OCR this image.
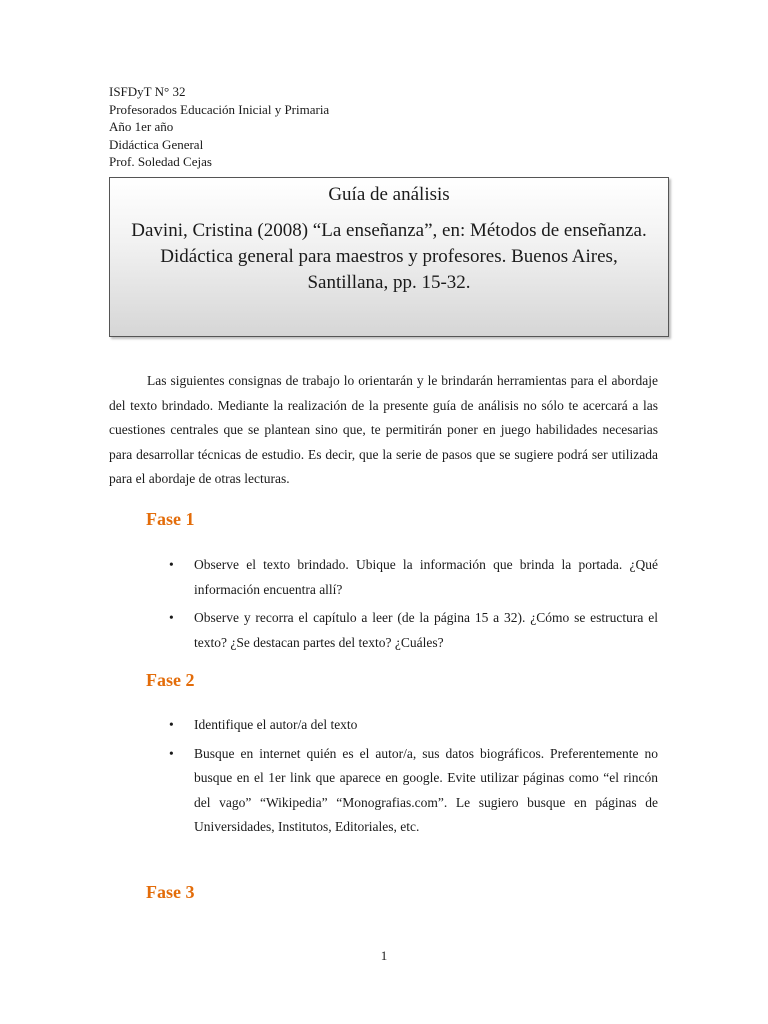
ISFDyT N° 32
Profesorados Educación Inicial y Primaria
Año 1er año
Didáctica General
Prof. Soledad Cejas
Guía de análisis
Davini, Cristina (2008) “La enseñanza”, en: Métodos de enseñanza. Didáctica general para maestros y profesores. Buenos Aires, Santillana, pp. 15-32.

Las siguientes consignas de trabajo lo orientarán y le brindarán herramientas para el abordaje del texto brindado. Mediante la realización de la presente guía de análisis no sólo te acercará a las cuestiones centrales que se plantean sino que, te permitirán poner en juego habilidades necesarias para desarrollar técnicas de estudio. Es decir, que la serie de pasos que se sugiere podrá ser utilizada para el abordaje de otras lecturas.

Fase 1
• Observe el texto brindado. Ubique la información que brinda la portada. ¿Qué información encuentra allí?
• Observe y recorra el capítulo a leer (de la página 15 a 32). ¿Cómo se estructura el texto? ¿Se destacan partes del texto? ¿Cuáles?
Fase 2
• Identifique el autor/a del texto
• Busque en internet quién es el autor/a, sus datos biográficos. Preferentemente no busque en el 1er link que aparece en google. Evite utilizar páginas como “el rincón del vago” “Wikipedia” “Monografias.com”. Le sugiero busque en páginas de Universidades, Institutos, Editoriales, etc.
Fase 3
1
